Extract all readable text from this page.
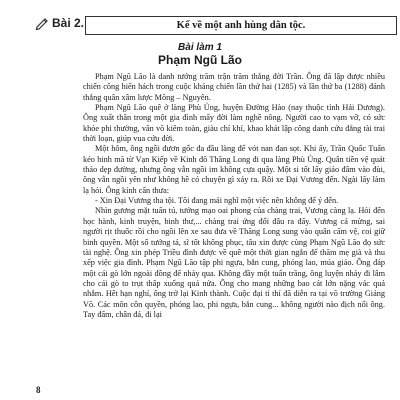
Bài 2.	Kể về một anh hùng dân tộc.
Bài làm 1
Phạm Ngũ Lão

Phạm Ngũ Lão là danh tướng trăm trận trăm thắng đời Trần. Ông đã lập được nhiều chiến công hiển hách trong cuộc kháng chiến lần thứ hai (1285) và lần thứ ba (1288) đánh thắng quân xâm lược Mông – Nguyên.

Phạm Ngũ Lão quê ở làng Phù Ủng, huyện Đường Hào (nay thuộc tỉnh Hải Dương). Ông xuất thân trong một gia đình mấy đời làm nghề nông. Người cao to vạm vỡ, có sức khỏe phi thường, văn võ kiêm toàn, giàu chí khí, khao khát lập công danh cứu đẳng tài trai thời loạn, giúp vua cứu đời.

Một hôm, ông ngồi đươn gốc đa đầu làng để vót nan đan sọt. Khi ấy, Trần Quốc Tuấn kéo binh mã từ Vạn Kiếp về Kinh đô Thăng Long đi qua làng Phù Ủng. Quân tiền vệ quát tháo dẹp đường, nhưng ông vẫn ngồi im không cựa quậy. Một si tốt lấy giáo đâm vào đùi, ông vẫn ngồi yên như không hề có chuyện gì xảy ra. Rồi xe Đại Vương đến. Ngài lấy làm lạ hỏi. Ông kính cẩn thưa:

- Xin Đại Vương tha tội. Tôi đang mải nghĩ một việc nên không để ý đến.

Nhìn gương mặt tuấn tú, tướng mạo oai phong của chàng trai, Vương càng lạ. Hỏi đến học hành, kinh truyện, binh thư,... chàng trai ứng đối đâu ra đấy. Vương cả mừng, sai người rịt thuốc rồi cho ngồi lên xe sau đưa về Thăng Long sung vào quân cấm vệ, coi giữ binh quyền. Một số tướng tá, sĩ tốt không phục, tâu xin được cùng Phạm Ngũ Lão đọ sức tài nghệ. Ông xin phép Triều đình được về quê một thời gian ngắn để thăm mẹ già và thu xếp việc gia đình. Phạm Ngũ Lão tập phi ngựa, bắn cung, phóng lao, múa giáo. Ông đáp một cái gò lớn ngoài đồng để nhảy qua. Không đầy một tuấn trăng, ông luyện nhảy đi lâm cho cái gò to trụt thấp xuống quá nửa. Ông cho mang những bao cát lớn nặng vác quả nhắm. Hết hạn nghỉ, ông trở lại Kinh thành. Cuộc đại tỉ thí đã diễn ra tại võ trường Giảng Võ. Các môn côn quyền, phóng lao, phi ngựa, bắn cung... không người nào địch nổi ông. Tay đấm, chân đá, đi lại

8
